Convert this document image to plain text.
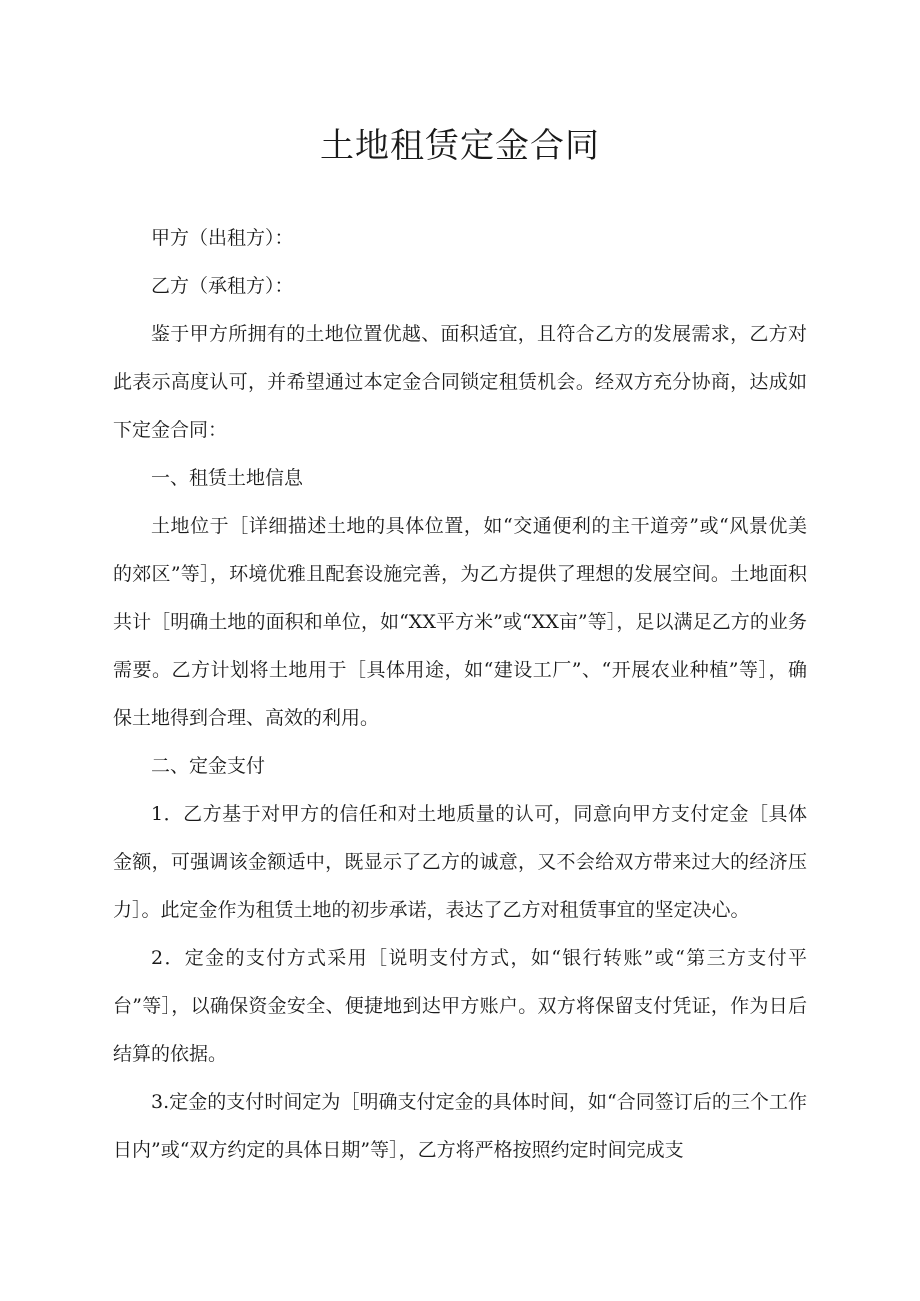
土地租赁定金合同

甲方（出租方）：

乙方（承租方）：

鉴于甲方所拥有的土地位置优越、面积适宜，且符合乙方的发展需求，乙方对此表示高度认可，并希望通过本定金合同锁定租赁机会。经双方充分协商，达成如下定金合同：

一、租赁土地信息

土地位于［详细描述土地的具体位置，如“交通便利的主干道旁”或“风景优美的郊区”等］，环境优雅且配套设施完善，为乙方提供了理想的发展空间。土地面积共计［明确土地的面积和单位，如“XX平方米”或“XX亩”等］，足以满足乙方的业务需要。乙方计划将土地用于［具体用途，如“建设工厂”、“开展农业种植”等］，确保土地得到合理、高效的利用。

二、定金支付

1．乙方基于对甲方的信任和对土地质量的认可，同意向甲方支付定金［具体金额，可强调该金额适中，既显示了乙方的诚意，又不会给双方带来过大的经济压力］。此定金作为租赁土地的初步承诺，表达了乙方对租赁事宜的坚定决心。

2．定金的支付方式采用［说明支付方式，如“银行转账”或“第三方支付平台”等］，以确保资金安全、便捷地到达甲方账户。双方将保留支付凭证，作为日后结算的依据。

3.定金的支付时间定为［明确支付定金的具体时间，如“合同签订后的三个工作日内”或“双方约定的具体日期”等］，乙方将严格按照约定时间完成支
